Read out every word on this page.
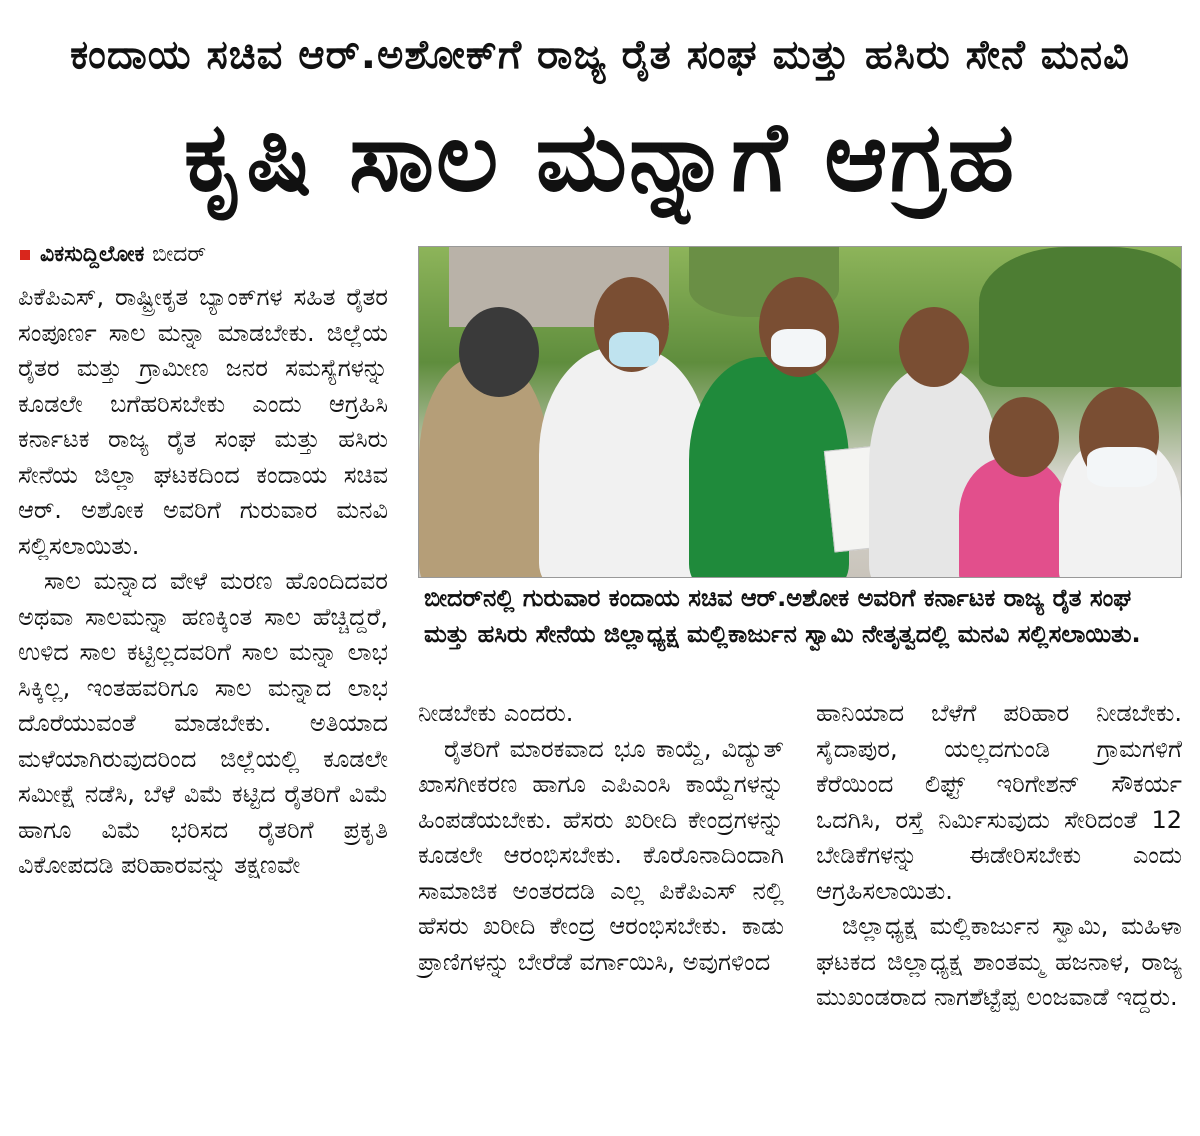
ಕಂದಾಯ ಸಚಿವ ಆರ್.ಅಶೋಕ್‌ಗೆ ರಾಜ್ಯ ರೈತ ಸಂಘ ಮತ್ತು ಹಸಿರು ಸೇನೆ ಮನವಿ
ಕೃಷಿ ಸಾಲ ಮನ್ನಾಗೆ ಆಗ್ರಹ
ವಿಕಸುದ್ದಿಲೋಕ ಬೀದರ್

ಪಿಕೆಪಿಎಸ್, ರಾಷ್ಟ್ರೀಕೃತ ಬ್ಯಾಂಕ್‌ಗಳ ಸಹಿತ ರೈತರ ಸಂಪೂರ್ಣ ಸಾಲ ಮನ್ನಾ ಮಾಡಬೇಕು. ಜಿಲ್ಲೆಯ ರೈತರ ಮತ್ತು ಗ್ರಾಮೀಣ ಜನರ ಸಮಸ್ಯೆಗಳನ್ನು ಕೂಡಲೇ ಬಗೆಹರಿಸಬೇಕು ಎಂದು ಆಗ್ರಹಿಸಿ ಕರ್ನಾಟಕ ರಾಜ್ಯ ರೈತ ಸಂಘ ಮತ್ತು ಹಸಿರು ಸೇನೆಯ ಜಿಲ್ಲಾ ಘಟಕದಿಂದ ಕಂದಾಯ ಸಚಿವ ಆರ್. ಅಶೋಕ ಅವರಿಗೆ ಗುರುವಾರ ಮನವಿ ಸಲ್ಲಿಸಲಾಯಿತು.

ಸಾಲ ಮನ್ನಾದ ವೇಳೆ ಮರಣ ಹೊಂದಿದವರ ಅಥವಾ ಸಾಲಮನ್ನಾ ಹಣಕ್ಕಿಂತ ಸಾಲ ಹೆಚ್ಚಿದ್ದರೆ, ಉಳಿದ ಸಾಲ ಕಟ್ಟಿಲ್ಲದವರಿಗೆ ಸಾಲ ಮನ್ನಾ ಲಾಭ ಸಿಕ್ಕಿಲ್ಲ, ಇಂತಹವರಿಗೂ ಸಾಲ ಮನ್ನಾದ ಲಾಭ ದೊರೆಯುವಂತೆ ಮಾಡಬೇಕು. ಅತಿಯಾದ ಮಳೆಯಾಗಿರುವುದರಿಂದ ಜಿಲ್ಲೆಯಲ್ಲಿ ಕೂಡಲೇ ಸಮೀಕ್ಷೆ ನಡೆಸಿ, ಬೆಳೆ ವಿಮೆ ಕಟ್ಟಿದ ರೈತರಿಗೆ ವಿಮೆ ಹಾಗೂ ವಿಮೆ ಭರಿಸದ ರೈತರಿಗೆ ಪ್ರಕೃತಿ ವಿಕೋಪದಡಿ ಪರಿಹಾರವನ್ನು ತಕ್ಷಣವೇ

ಬೀದರ್‌ನಲ್ಲಿ ಗುರುವಾರ ಕಂದಾಯ ಸಚಿವ ಆರ್.ಅಶೋಕ ಅವರಿಗೆ ಕರ್ನಾಟಕ ರಾಜ್ಯ ರೈತ ಸಂಘ ಮತ್ತು ಹಸಿರು ಸೇನೆಯ ಜಿಲ್ಲಾಧ್ಯಕ್ಷ ಮಲ್ಲಿಕಾರ್ಜುನ ಸ್ವಾಮಿ ನೇತೃತ್ವದಲ್ಲಿ ಮನವಿ ಸಲ್ಲಿಸಲಾಯಿತು.

ನೀಡಬೇಕು ಎಂದರು.

ರೈತರಿಗೆ ಮಾರಕವಾದ ಭೂ ಕಾಯ್ದೆ, ವಿದ್ಯುತ್ ಖಾಸಗೀಕರಣ ಹಾಗೂ ಎಪಿಎಂಸಿ ಕಾಯ್ದೆಗಳನ್ನು ಹಿಂಪಡೆಯಬೇಕು. ಹೆಸರು ಖರೀದಿ ಕೇಂದ್ರಗಳನ್ನು ಕೂಡಲೇ ಆರಂಭಿಸಬೇಕು. ಕೊರೊನಾದಿಂದಾಗಿ ಸಾಮಾಜಿಕ ಅಂತರದಡಿ ಎಲ್ಲ ಪಿಕೆಪಿಎಸ್ ನಲ್ಲಿ ಹೆಸರು ಖರೀದಿ ಕೇಂದ್ರ ಆರಂಭಿಸಬೇಕು. ಕಾಡು ಪ್ರಾಣಿಗಳನ್ನು ಬೇರೆಡೆ ವರ್ಗಾಯಿಸಿ, ಅವುಗಳಿಂದ

ಹಾನಿಯಾದ ಬೆಳೆಗೆ ಪರಿಹಾರ ನೀಡಬೇಕು. ಸೈದಾಪುರ, ಯಲ್ಲದಗುಂಡಿ ಗ್ರಾಮಗಳಿಗೆ ಕೆರೆಯಿಂದ ಲಿಫ್ಟ್ ಇರಿಗೇಶನ್ ಸೌಕರ್ಯ ಒದಗಿಸಿ, ರಸ್ತೆ ನಿರ್ಮಿಸುವುದು ಸೇರಿದಂತೆ 12 ಬೇಡಿಕೆಗಳನ್ನು ಈಡೇರಿಸಬೇಕು ಎಂದು ಆಗ್ರಹಿಸಲಾಯಿತು.

ಜಿಲ್ಲಾಧ್ಯಕ್ಷ ಮಲ್ಲಿಕಾರ್ಜುನ ಸ್ವಾಮಿ, ಮಹಿಳಾ ಘಟಕದ ಜಿಲ್ಲಾಧ್ಯಕ್ಷ ಶಾಂತಮ್ಮ ಹಜನಾಳ, ರಾಜ್ಯ ಮುಖಂಡರಾದ ನಾಗಶೆಟ್ಟೆಪ್ಪ ಲಂಜವಾಡೆ ಇದ್ದರು.
